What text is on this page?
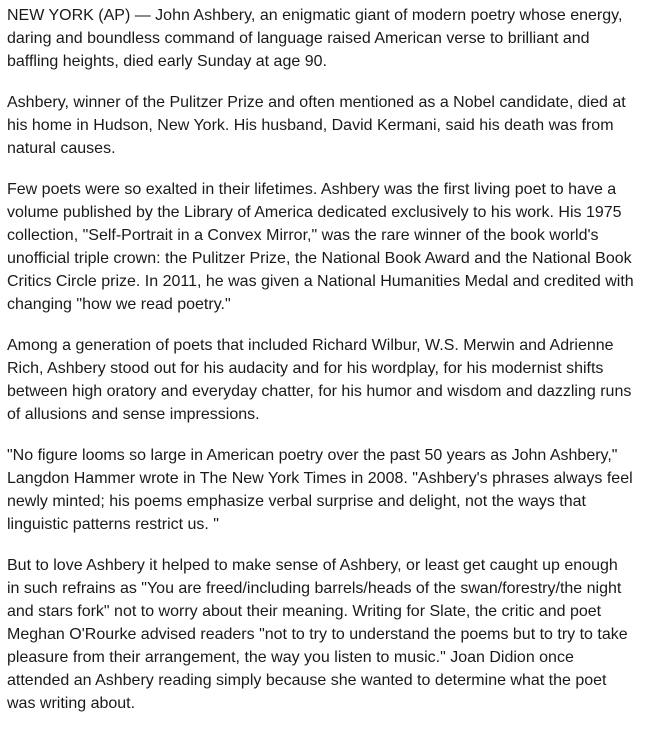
NEW YORK (AP) — John Ashbery, an enigmatic giant of modern poetry whose energy,
daring and boundless command of language raised American verse to brilliant and
baffling heights, died early Sunday at age 90.

Ashbery, winner of the Pulitzer Prize and often mentioned as a Nobel candidate, died at
his home in Hudson, New York. His husband, David Kermani, said his death was from
natural causes.

Few poets were so exalted in their lifetimes. Ashbery was the first living poet to have a
volume published by the Library of America dedicated exclusively to his work. His 1975
collection, "Self-Portrait in a Convex Mirror," was the rare winner of the book world's
unofficial triple crown: the Pulitzer Prize, the National Book Award and the National Book
Critics Circle prize. In 2011, he was given a National Humanities Medal and credited with
changing "how we read poetry."

Among a generation of poets that included Richard Wilbur, W.S. Merwin and Adrienne
Rich, Ashbery stood out for his audacity and for his wordplay, for his modernist shifts
between high oratory and everyday chatter, for his humor and wisdom and dazzling runs
of allusions and sense impressions.

"No figure looms so large in American poetry over the past 50 years as John Ashbery,"
Langdon Hammer wrote in The New York Times in 2008. "Ashbery's phrases always feel
newly minted; his poems emphasize verbal surprise and delight, not the ways that
linguistic patterns restrict us. "

But to love Ashbery it helped to make sense of Ashbery, or least get caught up enough
in such refrains as "You are freed/including barrels/heads of the swan/forestry/the night
and stars fork" not to worry about their meaning. Writing for Slate, the critic and poet
Meghan O'Rourke advised readers "not to try to understand the poems but to try to take
pleasure from their arrangement, the way you listen to music." Joan Didion once
attended an Ashbery reading simply because she wanted to determine what the poet
was writing about.
